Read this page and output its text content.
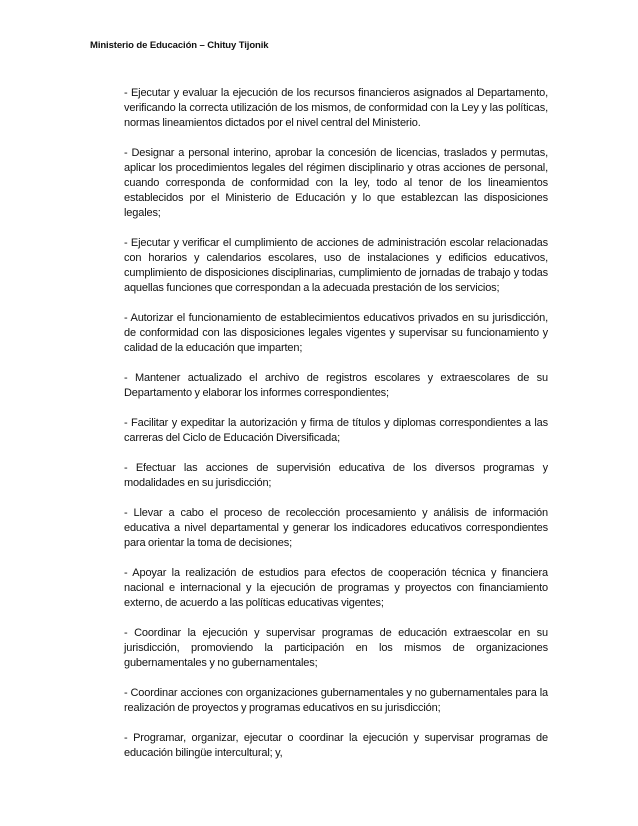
Ministerio de Educación – Chituy Tijonik

- Ejecutar y evaluar la ejecución de los recursos financieros asignados al Departamento, verificando la correcta utilización de los mismos, de conformidad con la Ley y las políticas, normas lineamientos dictados por el nivel central del Ministerio.

- Designar a personal interino, aprobar la concesión de licencias, traslados y permutas, aplicar los procedimientos legales del régimen disciplinario y otras acciones de personal, cuando corresponda de conformidad con la ley, todo al tenor de los lineamientos establecidos por el Ministerio de Educación y lo que establezcan las disposiciones legales;

- Ejecutar y verificar el cumplimiento de acciones de administración escolar relacionadas con horarios y calendarios escolares, uso de instalaciones y edificios educativos, cumplimiento de disposiciones disciplinarias, cumplimiento de jornadas de trabajo y todas aquellas funciones que correspondan a la adecuada prestación de los servicios;

- Autorizar el funcionamiento de establecimientos educativos privados en su jurisdicción, de conformidad con las disposiciones legales vigentes y supervisar su funcionamiento y calidad de la educación que imparten;

- Mantener actualizado el archivo de registros escolares y extraescolares de su Departamento y elaborar los informes correspondientes;

- Facilitar y expeditar la autorización y firma de títulos y diplomas correspondientes a las carreras del Ciclo de Educación Diversificada;

- Efectuar las acciones de supervisión educativa de los diversos programas y modalidades en su jurisdicción;

- Llevar a cabo el proceso de recolección procesamiento y análisis de información educativa a nivel departamental y generar los indicadores educativos correspondientes para orientar la toma de decisiones;

- Apoyar la realización de estudios para efectos de cooperación técnica y financiera nacional e internacional y la ejecución de programas y proyectos con financiamiento externo, de acuerdo a las políticas educativas vigentes;

- Coordinar la ejecución y supervisar programas de educación extraescolar en su jurisdicción, promoviendo la participación en los mismos de organizaciones gubernamentales y no gubernamentales;

- Coordinar acciones con organizaciones gubernamentales y no gubernamentales para la realización de proyectos y programas educativos en su jurisdicción;

- Programar, organizar, ejecutar o coordinar la ejecución y supervisar programas de educación bilingüe intercultural; y,
